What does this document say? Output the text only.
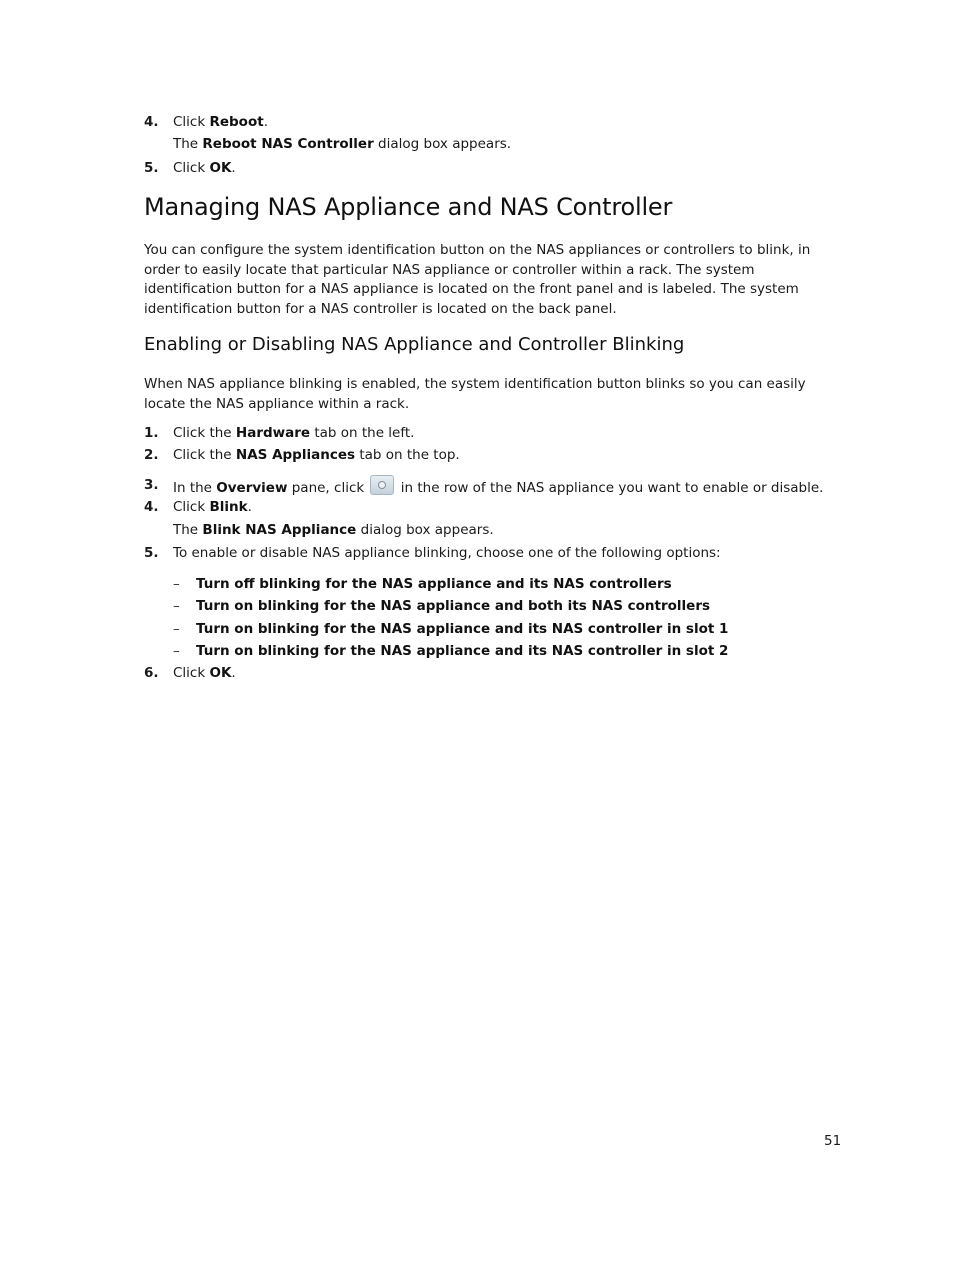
4. Click Reboot.
The Reboot NAS Controller dialog box appears.
5. Click OK.
Managing NAS Appliance and NAS Controller

You can configure the system identification button on the NAS appliances or controllers to blink, in order to easily locate that particular NAS appliance or controller within a rack. The system identification button for a NAS appliance is located on the front panel and is labeled. The system identification button for a NAS controller is located on the back panel.

Enabling or Disabling NAS Appliance and Controller Blinking

When NAS appliance blinking is enabled, the system identification button blinks so you can easily locate the NAS appliance within a rack.

1. Click the Hardware tab on the left.
2. Click the NAS Appliances tab on the top.
3. In the Overview pane, click  in the row of the NAS appliance you want to enable or disable.
4. Click Blink.
The Blink NAS Appliance dialog box appears.
5. To enable or disable NAS appliance blinking, choose one of the following options:
– Turn off blinking for the NAS appliance and its NAS controllers
– Turn on blinking for the NAS appliance and both its NAS controllers
– Turn on blinking for the NAS appliance and its NAS controller in slot 1
– Turn on blinking for the NAS appliance and its NAS controller in slot 2
6. Click OK.
51
